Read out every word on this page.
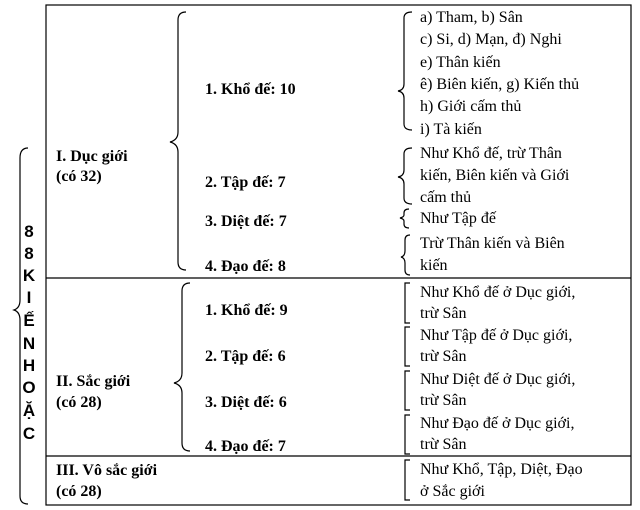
8
8
K
I
Ế
N
H
O
Ặ
C
I. Dục giới
(có 32)
1. Khổ đế: 10
2. Tập đế: 7
3. Diệt đế: 7
4. Đạo đế: 8
a) Tham, b) Sân
c) Si, d) Mạn, đ) Nghi
e) Thân kiến
ê) Biên kiến, g) Kiến thủ
h) Giới cấm thủ
i) Tà kiến
Như Khổ đế, trừ Thân
kiến, Biên kiến và Giới
cấm thủ
Như Tập đế
Trừ Thân kiến và Biên
kiến
II. Sắc giới
(có 28)
1. Khổ đế: 9
2. Tập đế: 6
3. Diệt đế: 6
4. Đạo đế: 7
Như Khổ đế ở Dục giới,
trừ Sân
Như Tập đế ở Dục giới,
trừ Sân
Như Diệt đế ở Dục giới,
trừ Sân
Như Đạo đế ở Dục giới,
trừ Sân
III. Vô sắc giới
(có 28)
Như Khổ, Tập, Diệt, Đạo
ở Sắc giới
